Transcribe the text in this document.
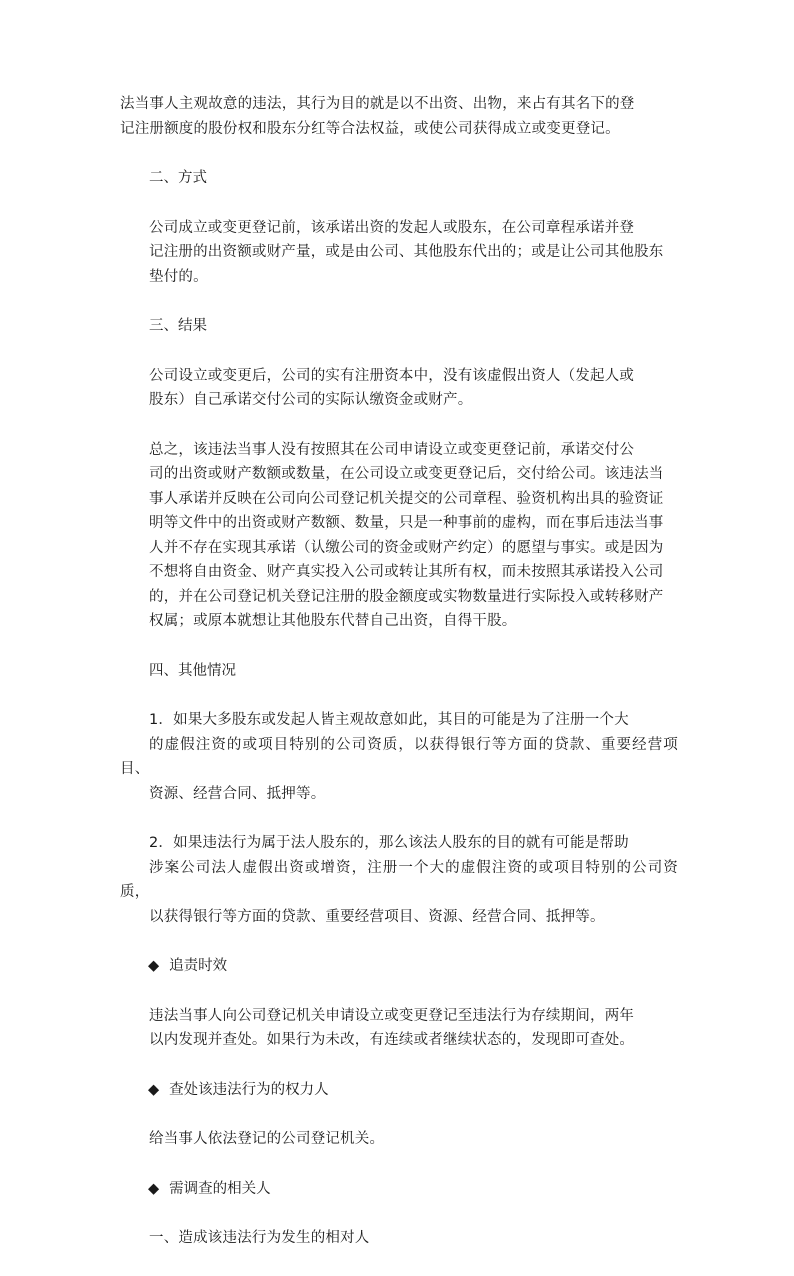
法当事人主观故意的违法，其行为目的就是以不出资、出物，来占有其名下的登
记注册额度的股份权和股东分红等合法权益，或使公司获得成立或变更登记。

二、方式

公司成立或变更登记前，该承诺出资的发起人或股东，在公司章程承诺并登
记注册的出资额或财产量，或是由公司、其他股东代出的；或是让公司其他股东
垫付的。

三、结果

公司设立或变更后，公司的实有注册资本中，没有该虚假出资人（发起人或
股东）自己承诺交付公司的实际认缴资金或财产。

总之，该违法当事人没有按照其在公司申请设立或变更登记前，承诺交付公
司的出资或财产数额或数量，在公司设立或变更登记后，交付给公司。该违法当
事人承诺并反映在公司向公司登记机关提交的公司章程、验资机构出具的验资证
明等文件中的出资或财产数额、数量，只是一种事前的虚构，而在事后违法当事
人并不存在实现其承诺（认缴公司的资金或财产约定）的愿望与事实。或是因为
不想将自由资金、财产真实投入公司或转让其所有权，而未按照其承诺投入公司
的，并在公司登记机关登记注册的股金额度或实物数量进行实际投入或转移财产
权属；或原本就想让其他股东代替自己出资，自得干股。

四、其他情况

1．如果大多股东或发起人皆主观故意如此，其目的可能是为了注册一个大
的虚假注资的或项目特别的公司资质，以获得银行等方面的贷款、重要经营项目、
资源、经营合同、抵押等。

2．如果违法行为属于法人股东的，那么该法人股东的目的就有可能是帮助
涉案公司法人虚假出资或增资，注册一个大的虚假注资的或项目特别的公司资质，
以获得银行等方面的贷款、重要经营项目、资源、经营合同、抵押等。

◆ 追责时效

违法当事人向公司登记机关申请设立或变更登记至违法行为存续期间，两年
以内发现并查处。如果行为未改，有连续或者继续状态的，发现即可查处。

◆ 查处该违法行为的权力人

给当事人依法登记的公司登记机关。

◆ 需调查的相关人

一、造成该违法行为发生的相对人
